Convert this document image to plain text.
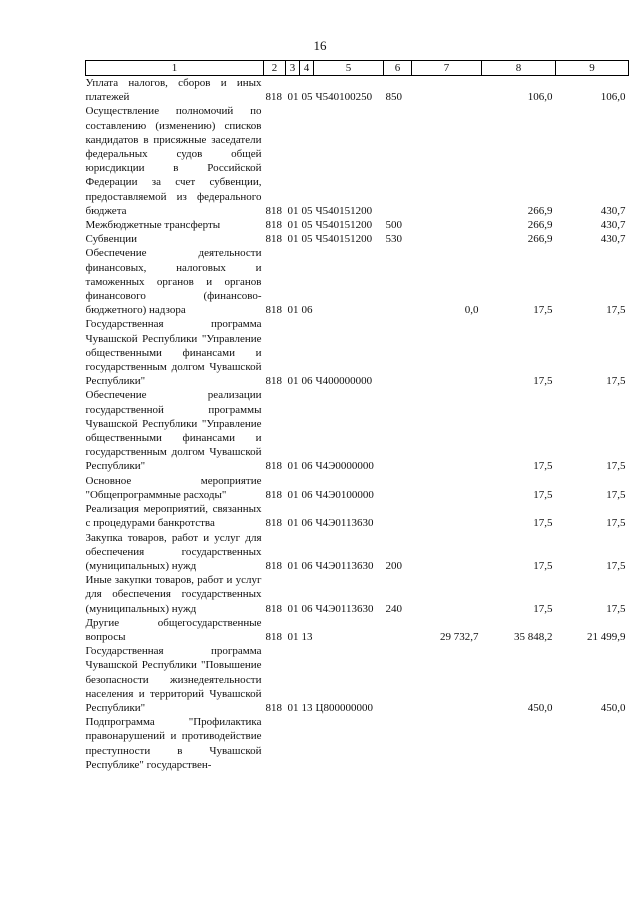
16
1	2	3	4	5	6	7	8	9
Уплата налогов, сборов и иных платежей	818	01	05	Ч540100250	850		106,0	106,0
Осуществление полномочий по составлению (изменению) списков кандидатов в присяжные заседатели федеральных судов общей юрисдикции в Российской Федерации за счет субвенции, предоставляемой из федерального бюджета	818	01	05	Ч540151200			266,9	430,7
Межбюджетные трансферты	818	01	05	Ч540151200	500		266,9	430,7
Субвенции	818	01	05	Ч540151200	530		266,9	430,7
Обеспечение деятельности финансовых, налоговых и таможенных органов и органов финансового (финансово-бюджетного) надзора	818	01	06			0,0	17,5	17,5
Государственная программа Чувашской Республики "Управление общественными финансами и государственным долгом Чувашской Республики"	818	01	06	Ч400000000			17,5	17,5
Обеспечение реализации государственной программы Чувашской Республики "Управление общественными финансами и государственным долгом Чувашской Республики"	818	01	06	Ч4Э0000000			17,5	17,5
Основное мероприятие "Общепрограммные расходы"	818	01	06	Ч4Э0100000			17,5	17,5
Реализация мероприятий, связанных с процедурами банкротства	818	01	06	Ч4Э0113630			17,5	17,5
Закупка товаров, работ и услуг для обеспечения государственных (муниципальных) нужд	818	01	06	Ч4Э0113630	200		17,5	17,5
Иные закупки товаров, работ и услуг для обеспечения государственных (муниципальных) нужд	818	01	06	Ч4Э0113630	240		17,5	17,5
Другие общегосударственные вопросы	818	01	13			29 732,7	35 848,2	21 499,9
Государственная программа Чувашской Республики "Повышение безопасности жизнедеятельности населения и территорий Чувашской Республики"	818	01	13	Ц800000000			450,0	450,0
Подпрограмма "Профилактика правонарушений и противодействие преступности в Чувашской Республике" государствен-								
